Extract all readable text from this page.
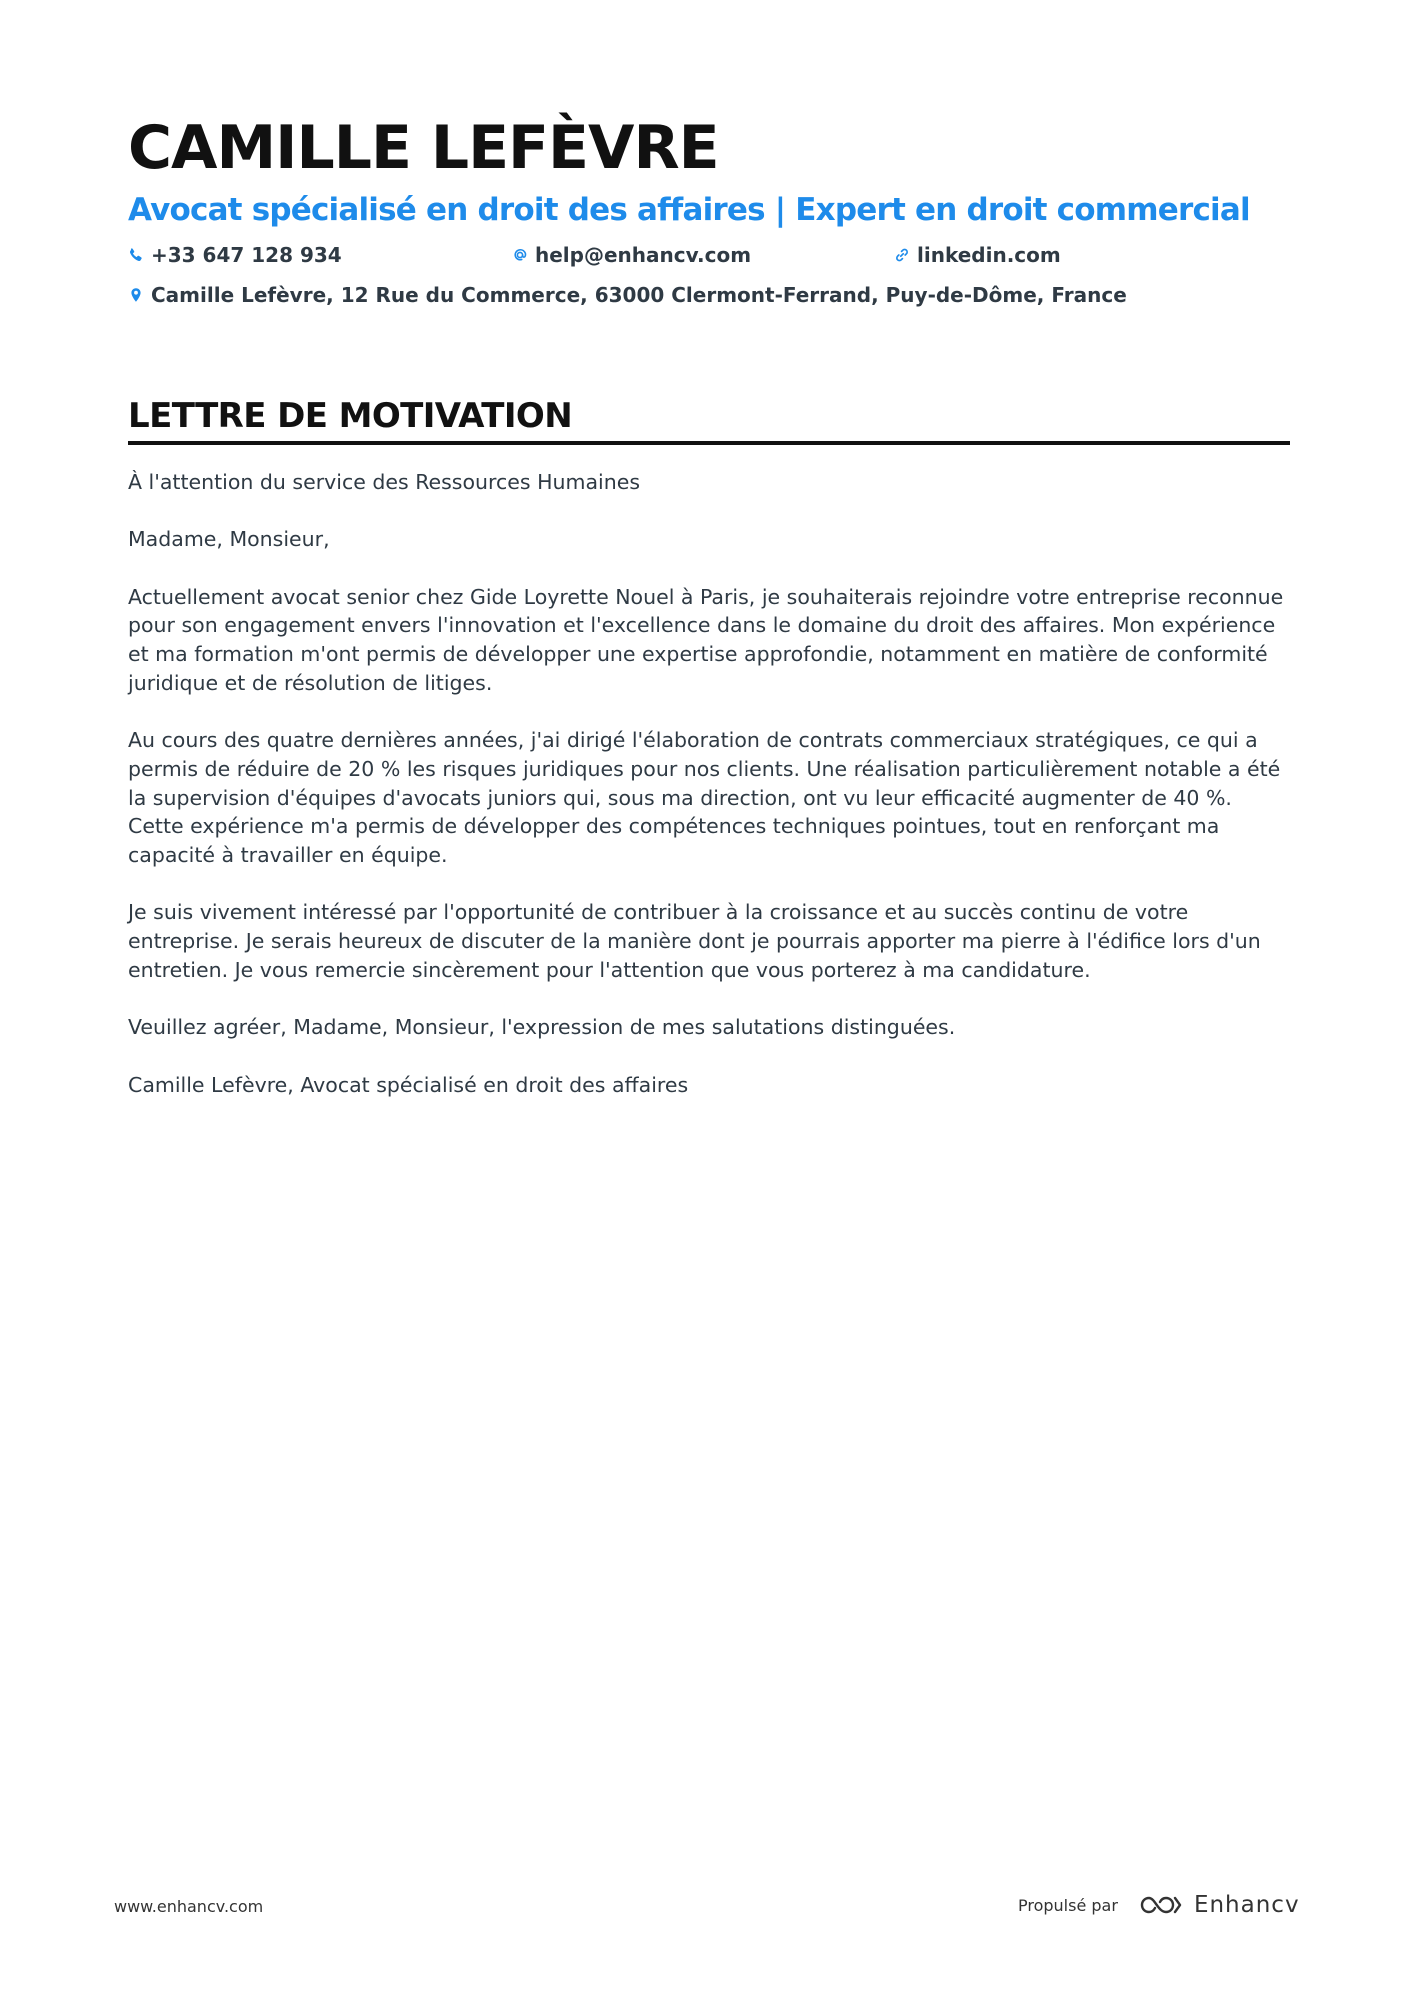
CAMILLE LEFÈVRE
Avocat spécialisé en droit des affaires | Expert en droit commercial
+33 647 128 934	help@enhancv.com	linkedin.com
Camille Lefèvre, 12 Rue du Commerce, 63000 Clermont-Ferrand, Puy-de-Dôme, France
LETTRE DE MOTIVATION

À l'attention du service des Ressources Humaines

Madame, Monsieur,

Actuellement avocat senior chez Gide Loyrette Nouel à Paris, je souhaiterais rejoindre votre entreprise reconnue pour son engagement envers l'innovation et l'excellence dans le domaine du droit des affaires. Mon expérience et ma formation m'ont permis de développer une expertise approfondie, notamment en matière de conformité juridique et de résolution de litiges.

Au cours des quatre dernières années, j'ai dirigé l'élaboration de contrats commerciaux stratégiques, ce qui a permis de réduire de 20 % les risques juridiques pour nos clients. Une réalisation particulièrement notable a été la supervision d'équipes d'avocats juniors qui, sous ma direction, ont vu leur efficacité augmenter de 40 %. Cette expérience m'a permis de développer des compétences techniques pointues, tout en renforçant ma capacité à travailler en équipe.

Je suis vivement intéressé par l'opportunité de contribuer à la croissance et au succès continu de votre entreprise. Je serais heureux de discuter de la manière dont je pourrais apporter ma pierre à l'édifice lors d'un entretien. Je vous remercie sincèrement pour l'attention que vous porterez à ma candidature.

Veuillez agréer, Madame, Monsieur, l'expression de mes salutations distinguées.

Camille Lefèvre, Avocat spécialisé en droit des affaires

www.enhancv.com	Propulsé par	Enhancv
